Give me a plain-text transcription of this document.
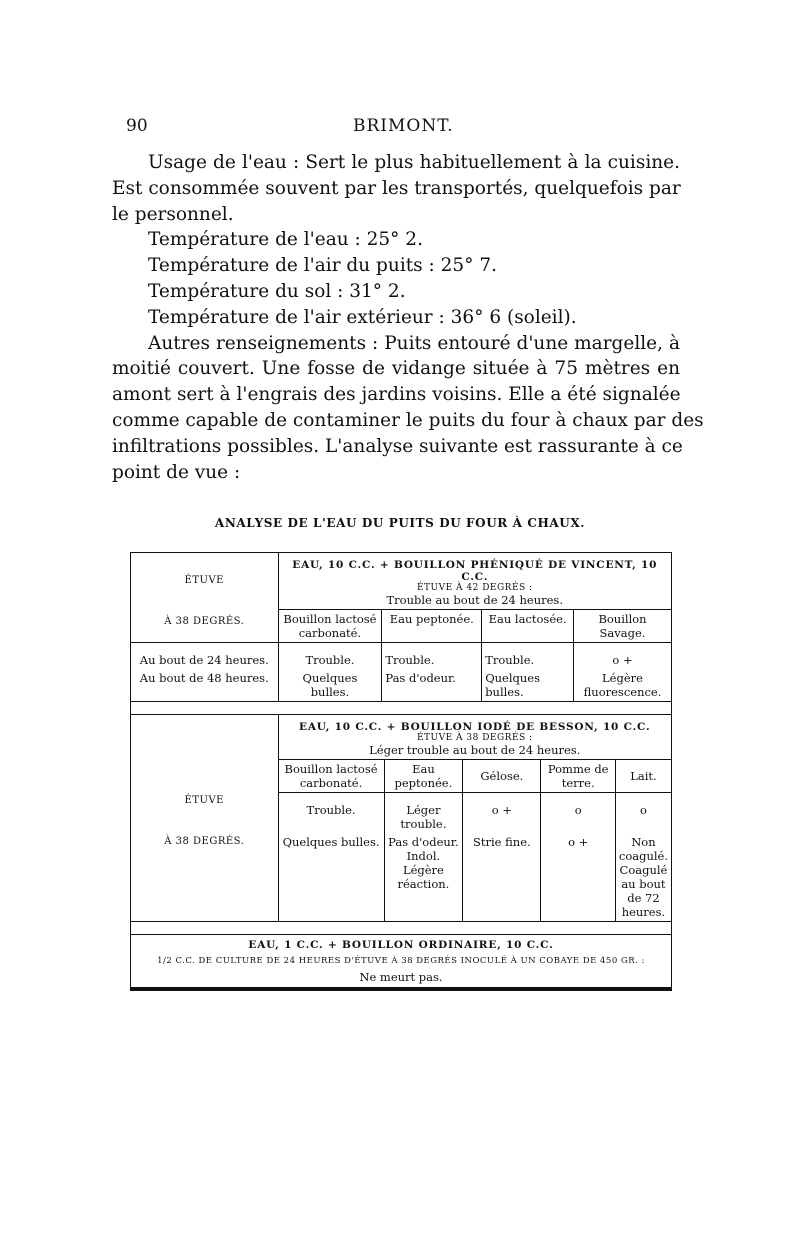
90	BRIMONT.
Usage de l'eau : Sert le plus habituellement à la cuisine.
Est consommée souvent par les transportés, quelquefois par
le personnel.
Température de l'eau : 25° 2.
Température de l'air du puits : 25° 7.
Température du sol : 31° 2.
Température de l'air extérieur : 36° 6 (soleil).
Autres renseignements : Puits entouré d'une margelle, à
moitié couvert. Une fosse de vidange située à 75 mètres en
amont sert à l'engrais des jardins voisins. Elle a été signalée
comme capable de contaminer le puits du four à chaux par des
infiltrations possibles. L'analyse suivante est rassurante à ce
point de vue :
ANALYSE DE L'EAU DU PUITS DU FOUR À CHAUX.
ÉTUVE
À 38 DEGRÉS.

EAU, 10 C.C. + BOUILLON PHÉNIQUÉ DE VINCENT, 10 C.C.
ÉTUVE À 42 DEGRÉS :
Trouble au bout de 24 heures.

Bouillon lactosé carbonaté.	Eau peptonée.	Eau lactosée.	Bouillon Savage.
Au bout de 24 heures.	Trouble.	Trouble.	Trouble.	o +
Au bout de 48 heures.	Quelques bulles.	Pas d'odeur.	Quelques bulles.	Légère fluorescence.

ÉTUVE
À 38 DEGRÉS.

EAU, 10 C.C. + BOUILLON IODÉ DE BESSON, 10 C.C.
ÉTUVE À 38 DEGRÉS :
Léger trouble au bout de 24 heures.

Bouillon lactosé carbonaté.	Eau peptonée.	Gélose.	Pomme de terre.	Lait.
Trouble.	Léger trouble.	o +	o	o
Quelques bulles.	Pas d'odeur. Indol. Légère réaction.	Strie fine.	o +	Non coagulé. Coagulé au bout de 72 heures.

EAU, 1 C.C. + BOUILLON ORDINAIRE, 10 C.C.
1/2 C.C. DE CULTURE DE 24 HEURES D'ÉTUVE À 38 DEGRÉS INOCULÉ À UN COBAYE DE 450 GR. :
Ne meurt pas.
